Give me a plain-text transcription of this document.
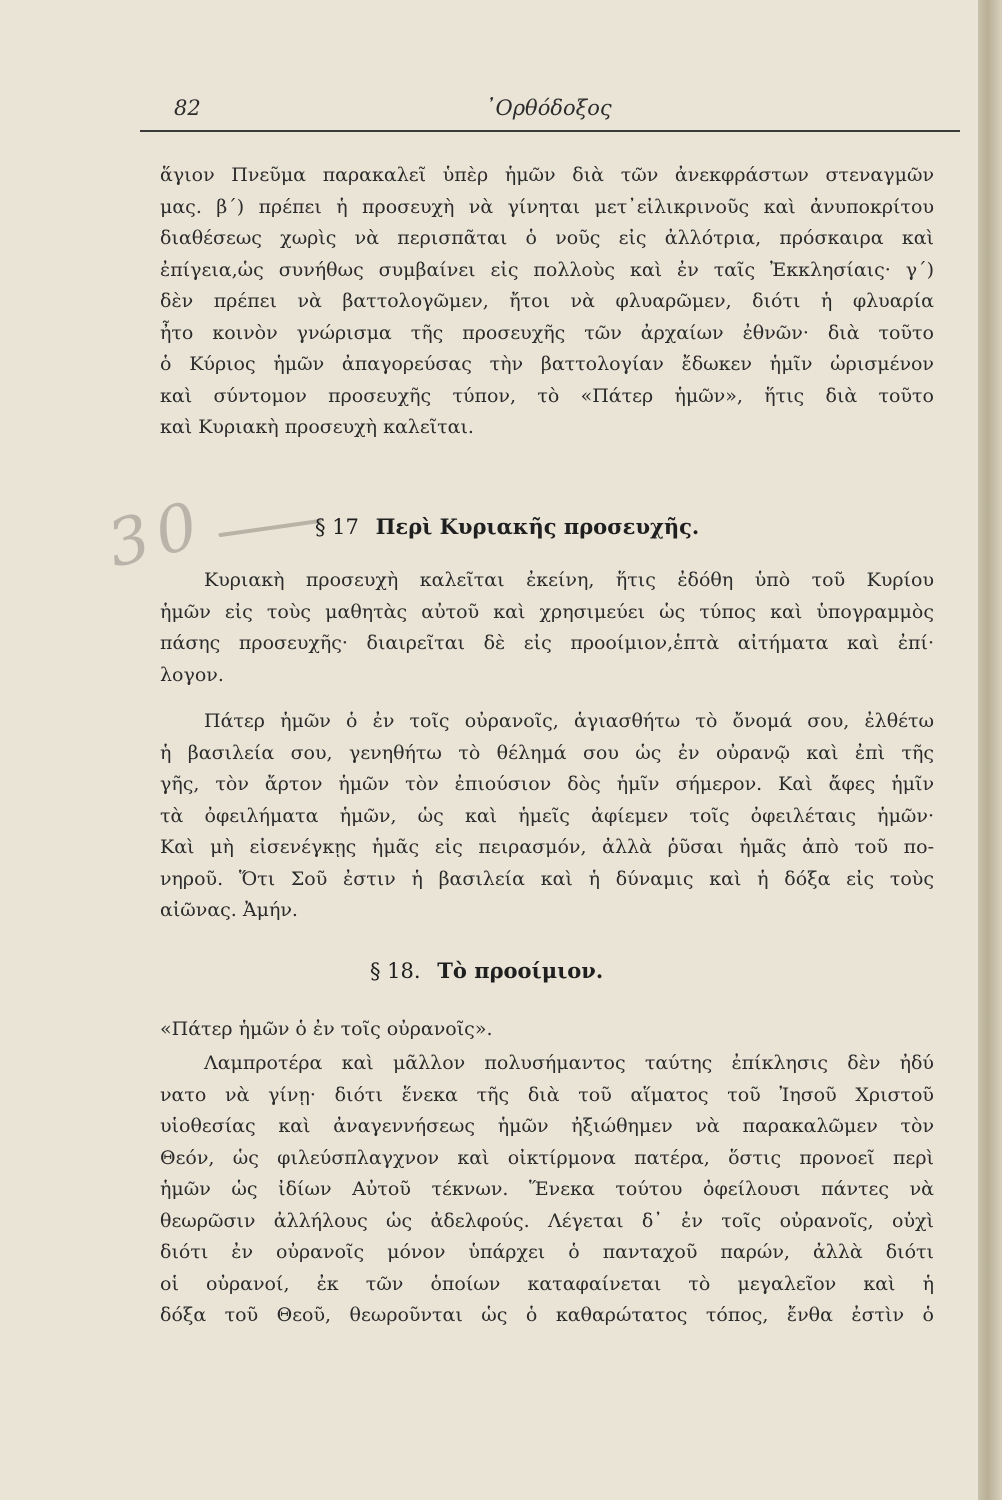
82	᾿Ορθόδοξος
ἅγιον Πνεῦμα παρακαλεῖ ὑπὲρ ἡμῶν διὰ τῶν ἀνεκφράστων στεναγμῶν
μας. β΄) πρέπει ἡ προσευχὴ νὰ γίνηται μετ᾿εἰλικρινοῦς καὶ ἀνυποκρίτου
διαθέσεως χωρὶς νὰ περισπᾶται ὁ νοῦς εἰς ἀλλότρια, πρόσκαιρα καὶ
ἐπίγεια,ὡς συνήθως συμβαίνει εἰς πολλοὺς καὶ ἐν ταῖς Ἐκκλησίαις· γ΄)
δὲν πρέπει νὰ βαττολογῶμεν, ἤτοι νὰ φλυαρῶμεν, διότι ἡ φλυαρία
ἦτο κοινὸν γνώρισμα τῆς προσευχῆς τῶν ἀρχαίων ἐθνῶν· διὰ τοῦτο
ὁ Κύριος ἡμῶν ἀπαγορεύσας τὴν βαττολογίαν ἔδωκεν ἡμῖν ὡρισμένον
καὶ σύντομον προσευχῆς τύπον, τὸ «Πάτερ ἡμῶν», ἥτις διὰ τοῦτο
καὶ Κυριακὴ προσευχὴ καλεῖται.
30	§ 17 Περὶ Κυριακῆς προσευχῆς.
Κυριακὴ προσευχὴ καλεῖται ἐκείνη, ἥτις ἐδόθη ὑπὸ τοῦ Κυρίου
ἡμῶν εἰς τοὺς μαθητὰς αὐτοῦ καὶ χρησιμεύει ὡς τύπος καὶ ὑπογραμμὸς
πάσης προσευχῆς· διαιρεῖται δὲ εἰς προοίμιον,ἑπτὰ αἰτήματα καὶ ἐπί·
λογον.
Πάτερ ἡμῶν ὁ ἐν τοῖς οὐρανοῖς, ἁγιασθήτω τὸ ὄνομά σου, ἐλθέτω
ἡ βασιλεία σου, γενηθήτω τὸ θέλημά σου ὡς ἐν οὐρανῷ καὶ ἐπὶ τῆς
γῆς, τὸν ἄρτον ἡμῶν τὸν ἐπιούσιον δὸς ἡμῖν σήμερον. Καὶ ἄφες ἡμῖν
τὰ ὀφειλήματα ἡμῶν, ὡς καὶ ἡμεῖς ἀφίεμεν τοῖς ὀφειλέταις ἡμῶν·
Καὶ μὴ εἰσενέγκῃς ἡμᾶς εἰς πειρασμόν, ἀλλὰ ῥῦσαι ἡμᾶς ἀπὸ τοῦ πο-
νηροῦ. Ὅτι Σοῦ ἐστιν ἡ βασιλεία καὶ ἡ δύναμις καὶ ἡ δόξα εἰς τοὺς
αἰῶνας. Ἀμήν.
§ 18. Τὸ προοίμιον.
«Πάτερ ἡμῶν ὁ ἐν τοῖς οὐρανοῖς».
Λαμπροτέρα καὶ μᾶλλον πολυσήμαντος ταύτης ἐπίκλησις δὲν ἠδύ
νατο νὰ γίνῃ· διότι ἕνεκα τῆς διὰ τοῦ αἵματος τοῦ Ἰησοῦ Χριστοῦ
υἱοθεσίας καὶ ἀναγεννήσεως ἡμῶν ἠξιώθημεν νὰ παρακαλῶμεν τὸν
Θεόν, ὡς φιλεύσπλαγχνον καὶ οἰκτίρμονα πατέρα, ὅστις προνοεῖ περὶ
ἡμῶν ὡς ἰδίων Αὐτοῦ τέκνων. Ἕνεκα τούτου ὀφείλουσι πάντες νὰ
θεωρῶσιν ἀλλήλους ὡς ἀδελφούς. Λέγεται δ᾿ ἐν τοῖς οὐρανοῖς, οὐχὶ
διότι ἐν οὐρανοῖς μόνον ὑπάρχει ὁ πανταχοῦ παρών, ἀλλὰ διότι
οἱ οὐρανοί, ἐκ τῶν ὁποίων καταφαίνεται τὸ μεγαλεῖον καὶ ἡ
δόξα τοῦ Θεοῦ, θεωροῦνται ὡς ὁ καθαρώτατος τόπος, ἔνθα ἐστὶν ὁ
